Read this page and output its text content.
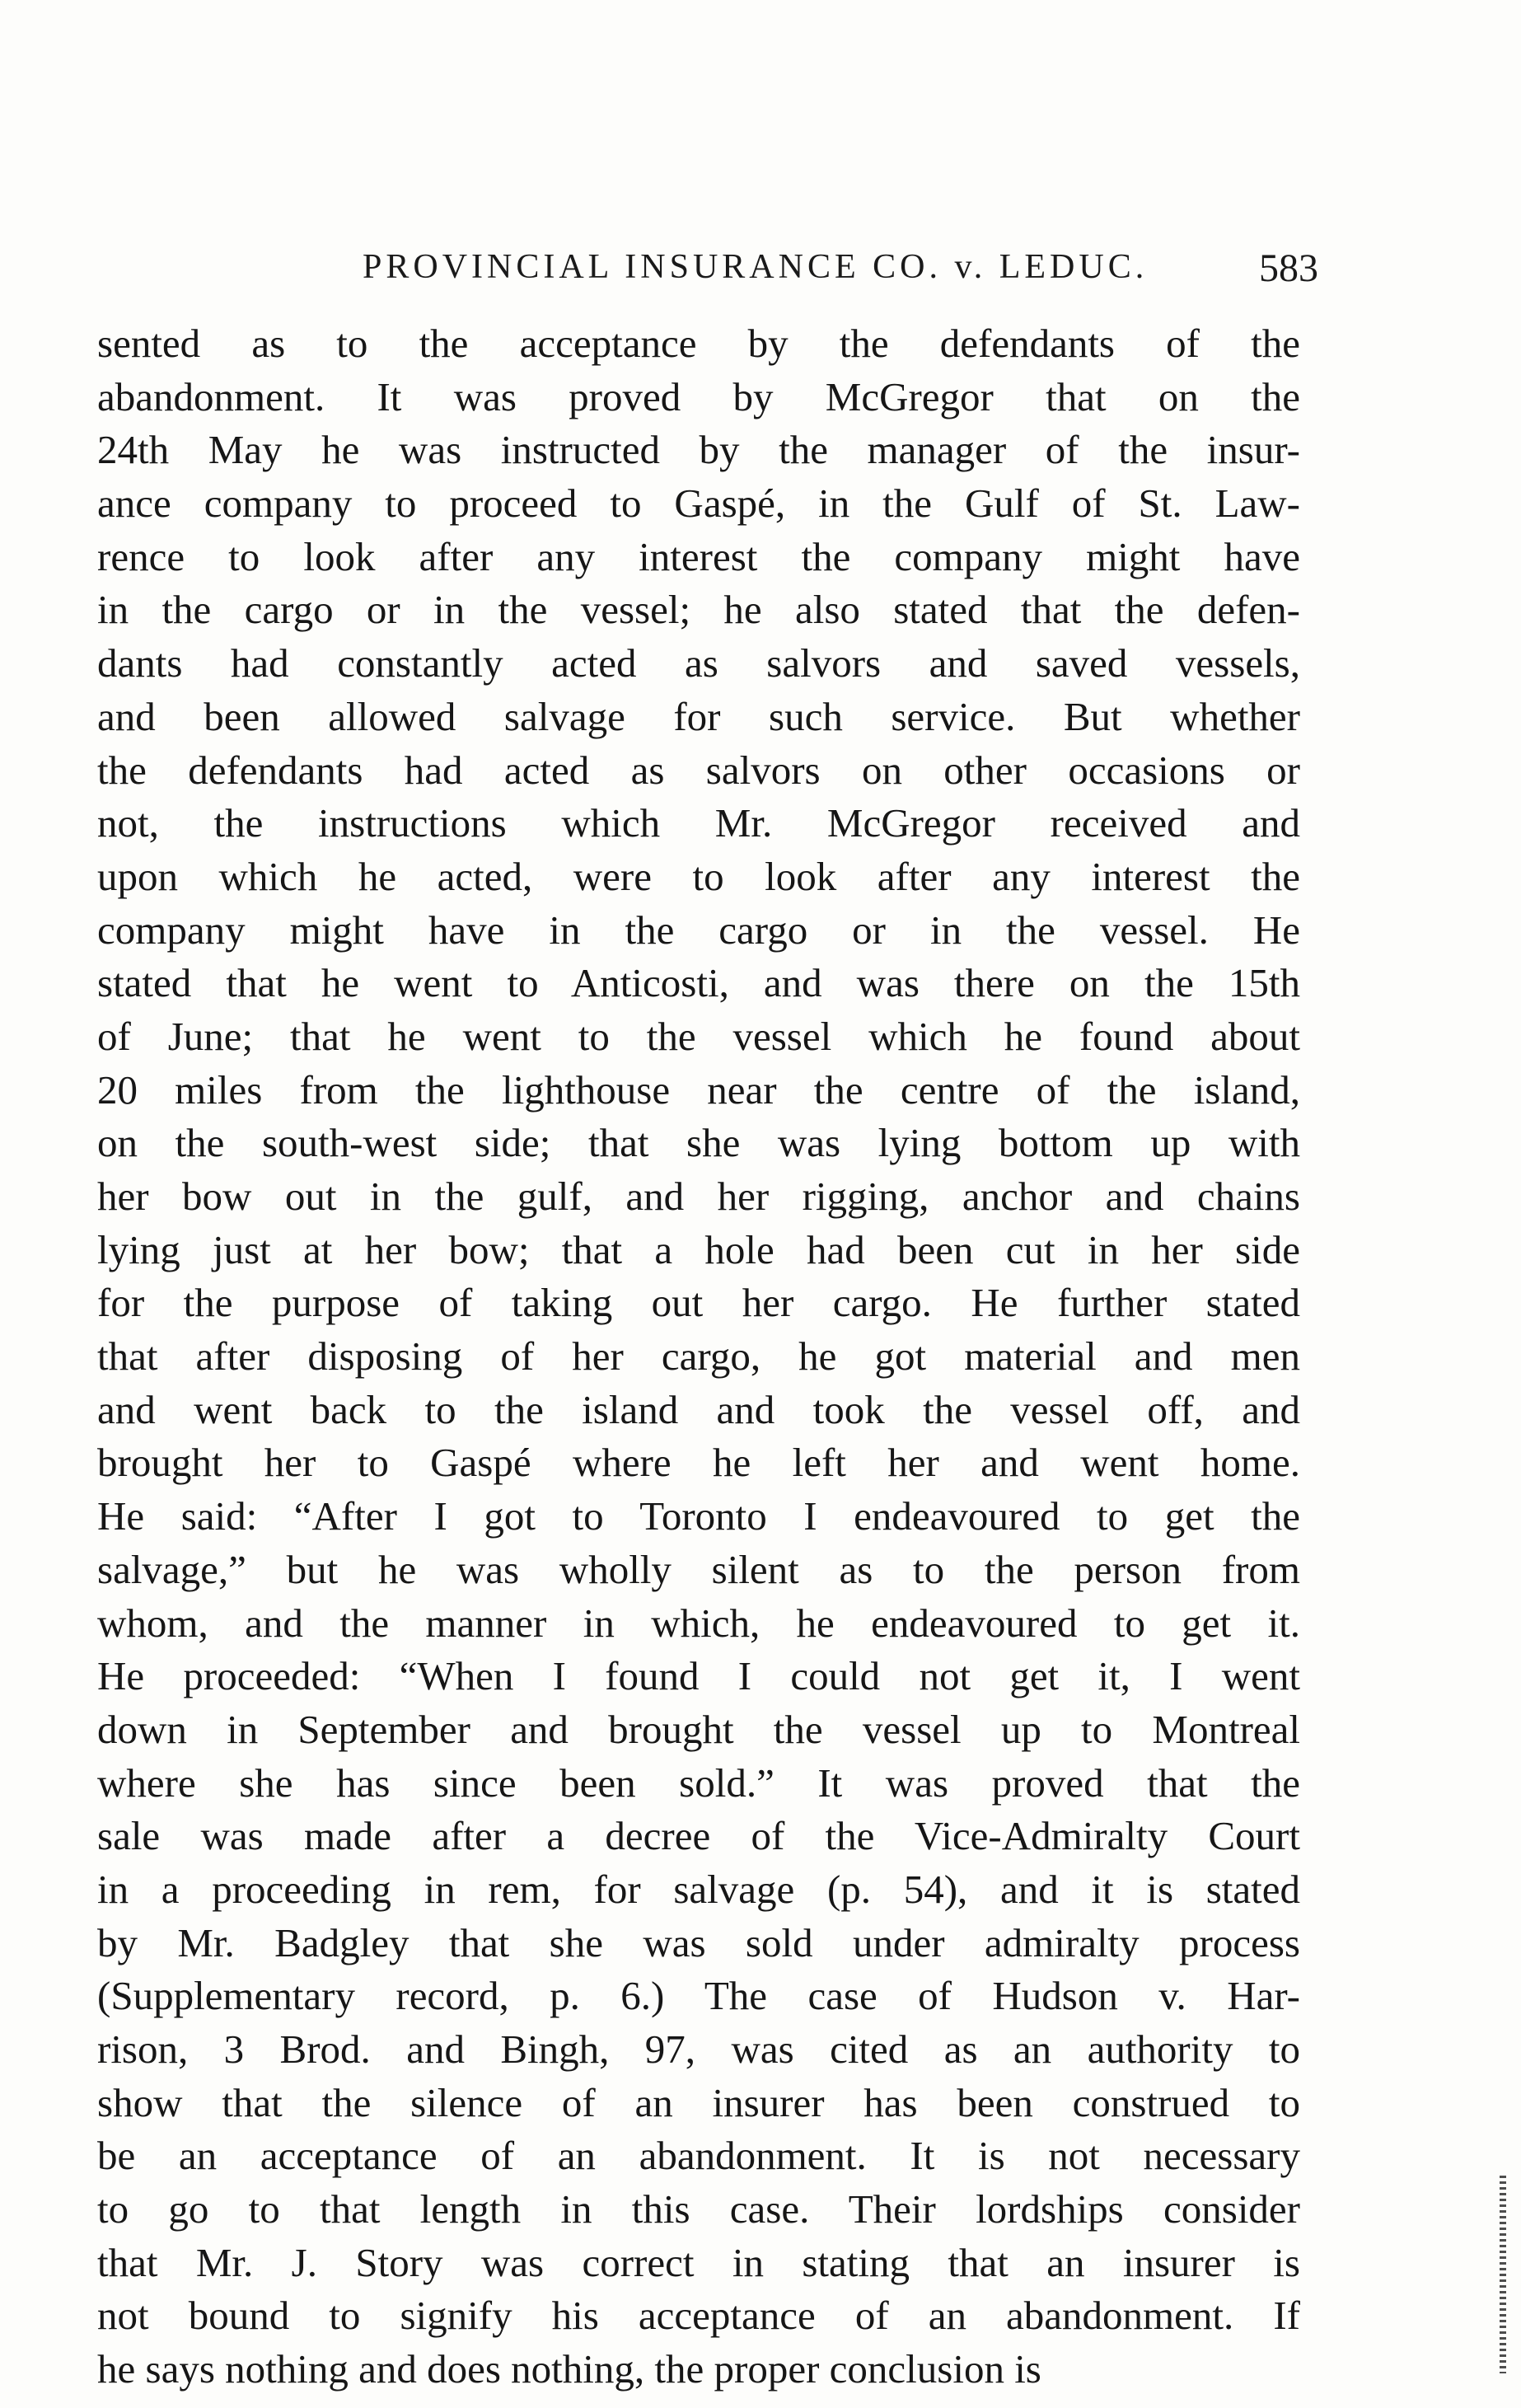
PROVINCIAL INSURANCE CO. v. LEDUC.	583
sented as to the acceptance by the defendants of the
abandonment. It was proved by McGregor that on the
24th May he was instructed by the manager of the insur-
ance company to proceed to Gaspé, in the Gulf of St. Law-
rence to look after any interest the company might have
in the cargo or in the vessel; he also stated that the defen-
dants had constantly acted as salvors and saved vessels,
and been allowed salvage for such service. But whether
the defendants had acted as salvors on other occasions or
not, the instructions which Mr. McGregor received and
upon which he acted, were to look after any interest the
company might have in the cargo or in the vessel. He
stated that he went to Anticosti, and was there on the 15th
of June; that he went to the vessel which he found about
20 miles from the lighthouse near the centre of the island,
on the south-west side; that she was lying bottom up with
her bow out in the gulf, and her rigging, anchor and chains
lying just at her bow; that a hole had been cut in her side
for the purpose of taking out her cargo. He further stated
that after disposing of her cargo, he got material and men
and went back to the island and took the vessel off, and
brought her to Gaspé where he left her and went home.
He said: “After I got to Toronto I endeavoured to get the
salvage,” but he was wholly silent as to the person from
whom, and the manner in which, he endeavoured to get it.
He proceeded: “When I found I could not get it, I went
down in September and brought the vessel up to Montreal
where she has since been sold.” It was proved that the
sale was made after a decree of the Vice-Admiralty Court
in a proceeding in rem, for salvage (p. 54), and it is stated
by Mr. Badgley that she was sold under admiralty process
(Supplementary record, p. 6.) The case of Hudson v. Har-
rison, 3 Brod. and Bingh, 97, was cited as an authority to
show that the silence of an insurer has been construed to
be an acceptance of an abandonment. It is not necessary
to go to that length in this case. Their lordships consider
that Mr. J. Story was correct in stating that an insurer is
not bound to signify his acceptance of an abandonment. If
he says nothing and does nothing, the proper conclusion is
